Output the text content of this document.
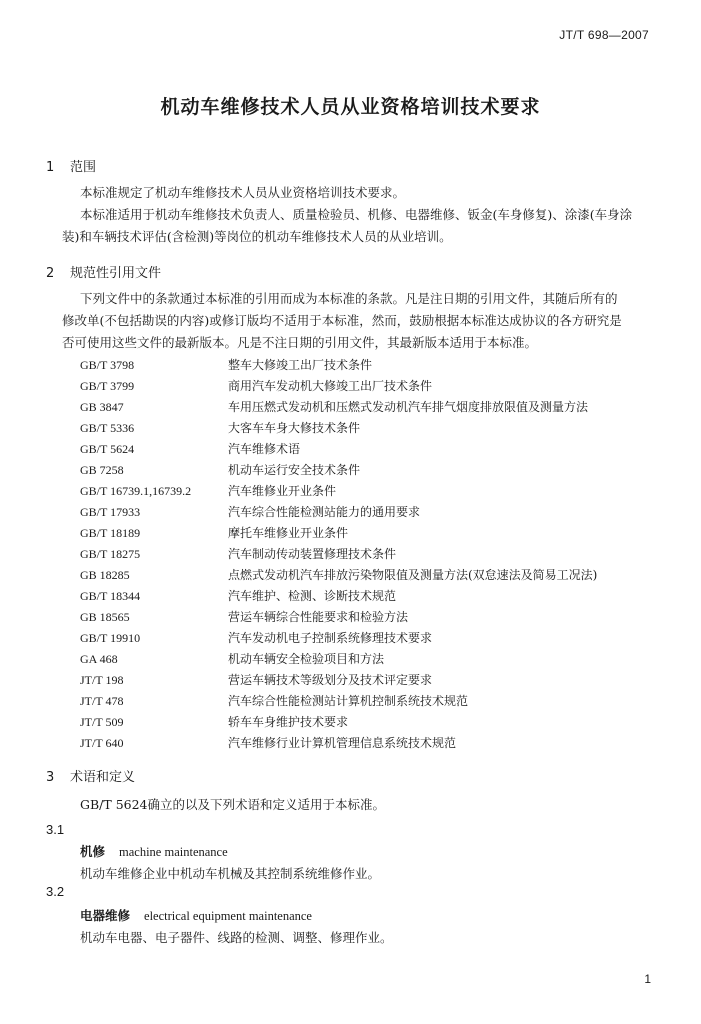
JT/T 698—2007
机动车维修技术人员从业资格培训技术要求
1 范围
本标准规定了机动车维修技术人员从业资格培训技术要求。
本标准适用于机动车维修技术负责人、质量检验员、机修、电器维修、钣金(车身修复)、涂漆(车身涂
装)和车辆技术评估(含检测)等岗位的机动车维修技术人员的从业培训。
2 规范性引用文件
下列文件中的条款通过本标准的引用而成为本标准的条款。凡是注日期的引用文件，其随后所有的
修改单(不包括勘误的内容)或修订版均不适用于本标准，然而，鼓励根据本标准达成协议的各方研究是
否可使用这些文件的最新版本。凡是不注日期的引用文件，其最新版本适用于本标准。
GB/T 3798	整车大修竣工出厂技术条件
GB/T 3799	商用汽车发动机大修竣工出厂技术条件
GB 3847	车用压燃式发动机和压燃式发动机汽车排气烟度排放限值及测量方法
GB/T 5336	大客车车身大修技术条件
GB/T 5624	汽车维修术语
GB 7258	机动车运行安全技术条件
GB/T 16739.1,16739.2	汽车维修业开业条件
GB/T 17933	汽车综合性能检测站能力的通用要求
GB/T 18189	摩托车维修业开业条件
GB/T 18275	汽车制动传动装置修理技术条件
GB 18285	点燃式发动机汽车排放污染物限值及测量方法(双怠速法及简易工况法)
GB/T 18344	汽车维护、检测、诊断技术规范
GB 18565	营运车辆综合性能要求和检验方法
GB/T 19910	汽车发动机电子控制系统修理技术要求
GA 468	机动车辆安全检验项目和方法
JT/T 198	营运车辆技术等级划分及技术评定要求
JT/T 478	汽车综合性能检测站计算机控制系统技术规范
JT/T 509	轿车车身维护技术要求
JT/T 640	汽车维修行业计算机管理信息系统技术规范
3 术语和定义
GB/T 5624确立的以及下列术语和定义适用于本标准。
3.1
机修 machine maintenance
机动车维修企业中机动车机械及其控制系统维修作业。
3.2
电器维修 electrical equipment maintenance
机动车电器、电子器件、线路的检测、调整、修理作业。
1
